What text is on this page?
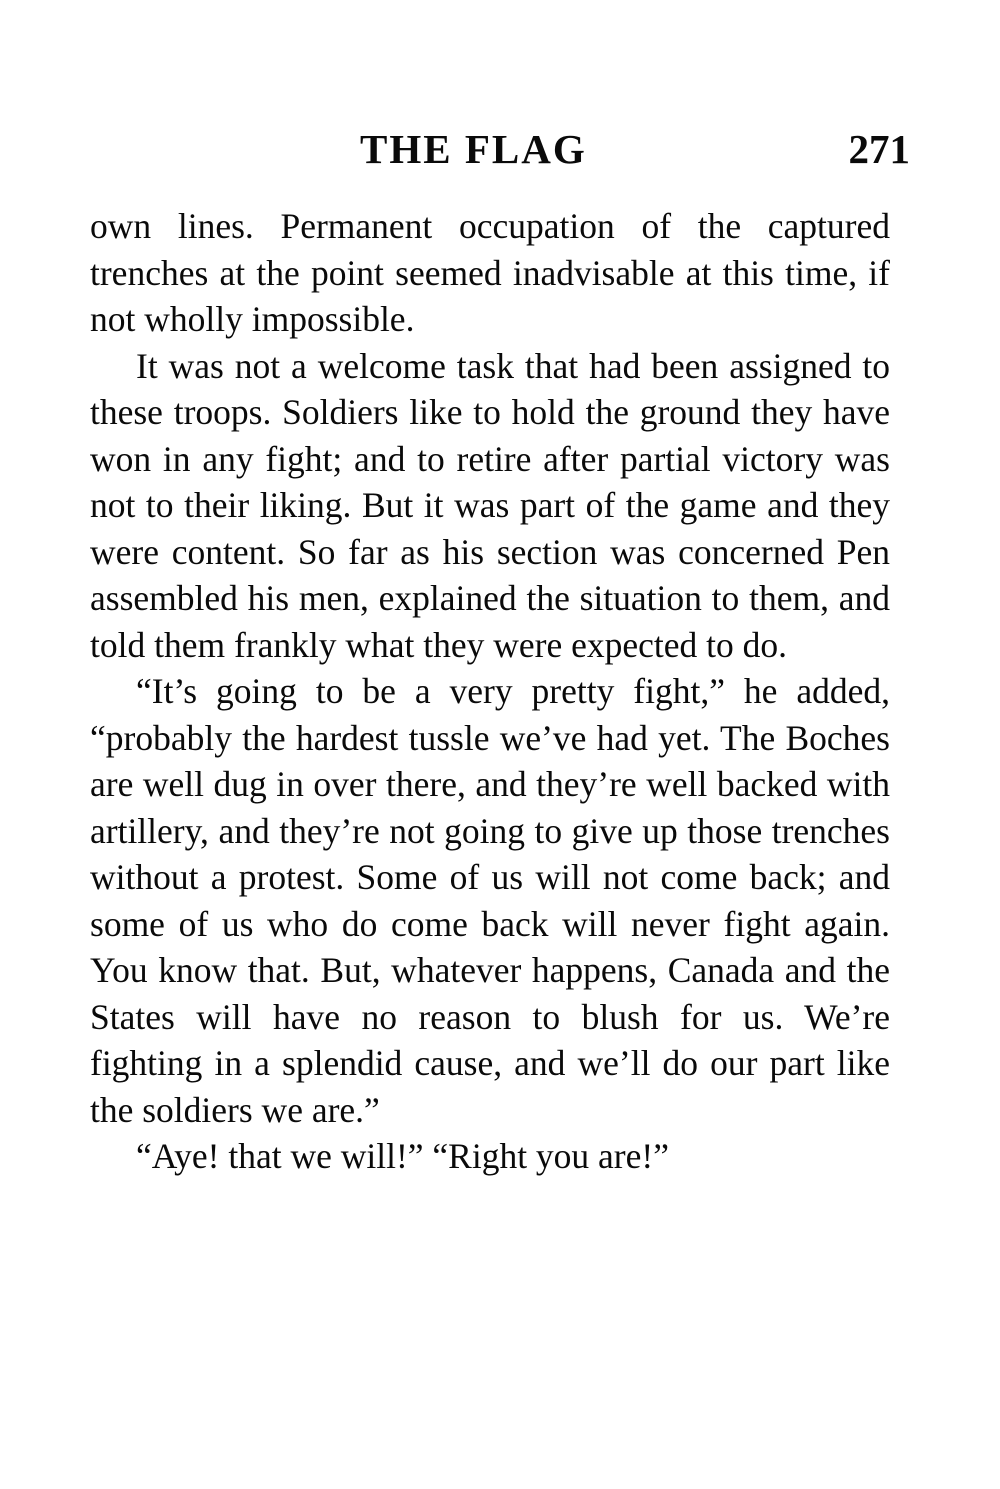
THE FLAG	271

own lines. Permanent occupation of the captured trenches at the point seemed inadvisable at this time, if not wholly impossible.

It was not a welcome task that had been assigned to these troops. Soldiers like to hold the ground they have won in any fight; and to retire after partial victory was not to their liking. But it was part of the game and they were content. So far as his section was concerned Pen assembled his men, explained the situation to them, and told them frankly what they were expected to do.

“It’s going to be a very pretty fight,” he added, “probably the hardest tussle we’ve had yet. The Boches are well dug in over there, and they’re well backed with artillery, and they’re not going to give up those trenches without a protest. Some of us will not come back; and some of us who do come back will never fight again. You know that. But, whatever happens, Canada and the States will have no reason to blush for us. We’re fighting in a splendid cause, and we’ll do our part like the soldiers we are.”

“Aye! that we will!” “Right you are!”
